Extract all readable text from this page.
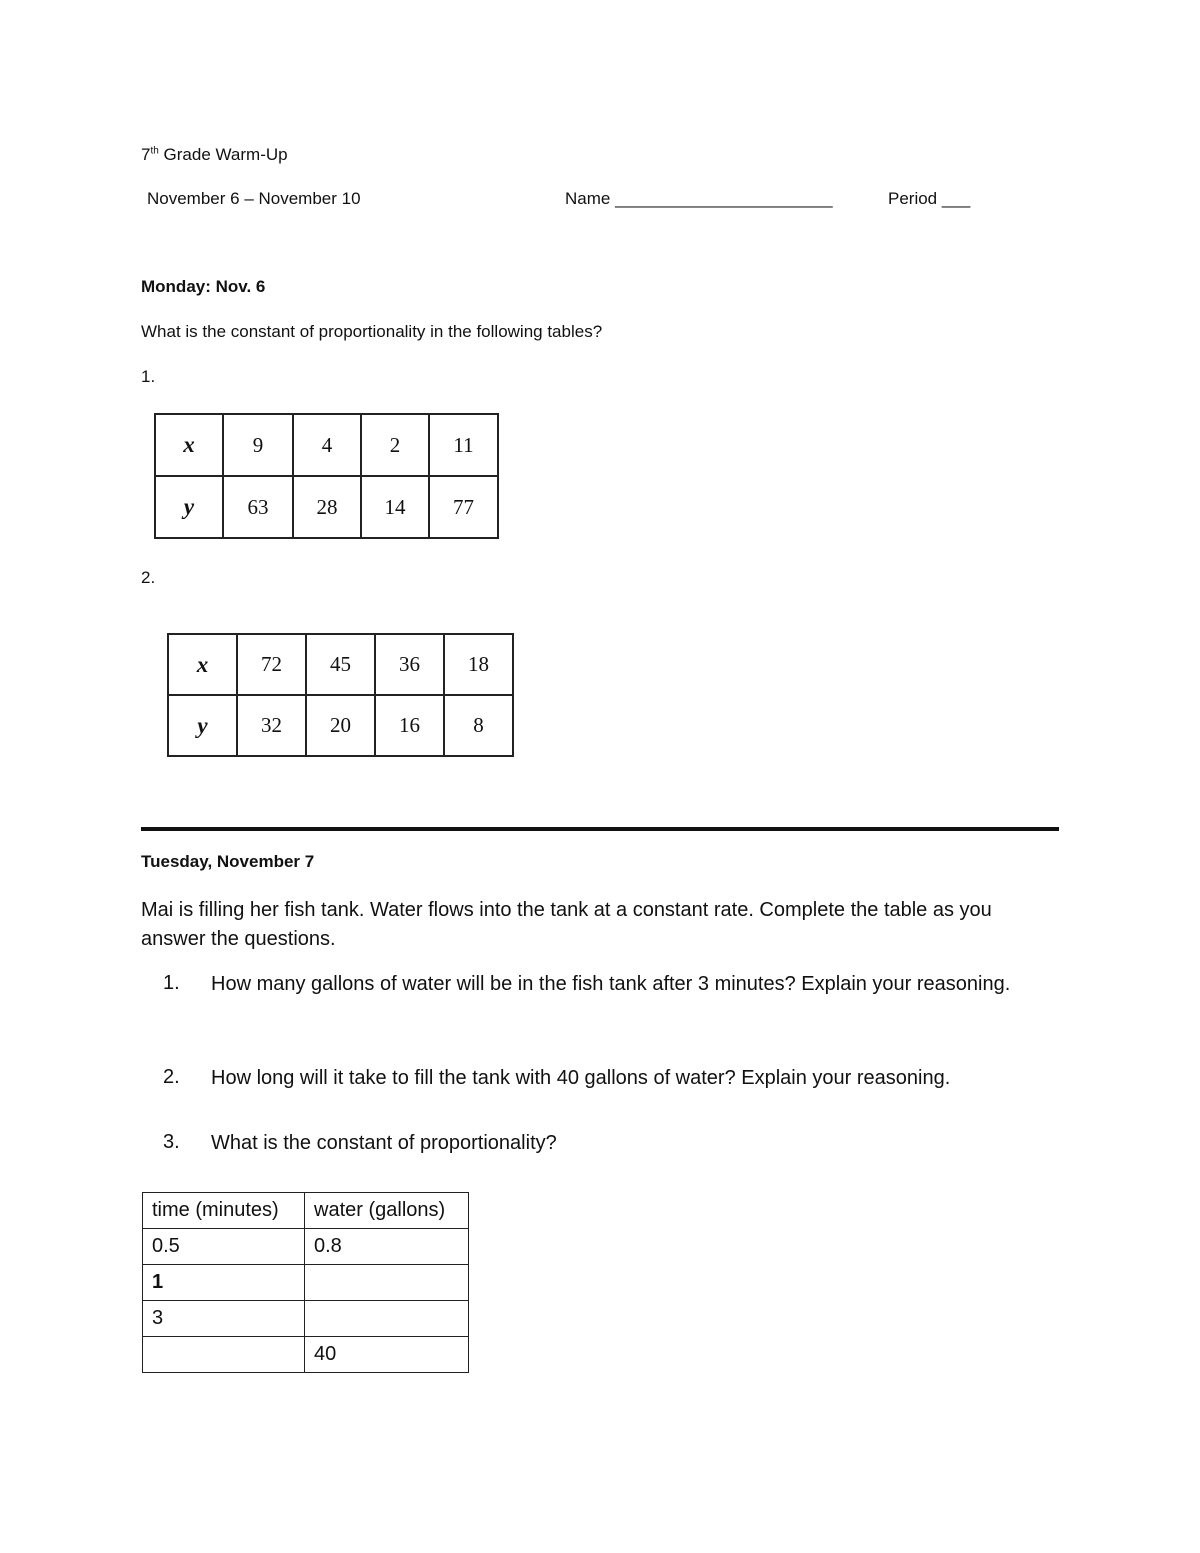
7th Grade Warm-Up
November 6 – November 10	Name _______________________	Period ___
Monday: Nov. 6
What is the constant of proportionality in the following tables?
1.
x	9	4	2	11
y	63	28	14	77
2.
x	72	45	36	18
y	32	20	16	8
Tuesday, November 7
Mai is filling her fish tank. Water flows into the tank at a constant rate. Complete the table as you answer the questions.
1. How many gallons of water will be in the fish tank after 3 minutes? Explain your reasoning.
2. How long will it take to fill the tank with 40 gallons of water? Explain your reasoning.
3. What is the constant of proportionality?
time (minutes)	water (gallons)
0.5	0.8
1	
3	
	40
